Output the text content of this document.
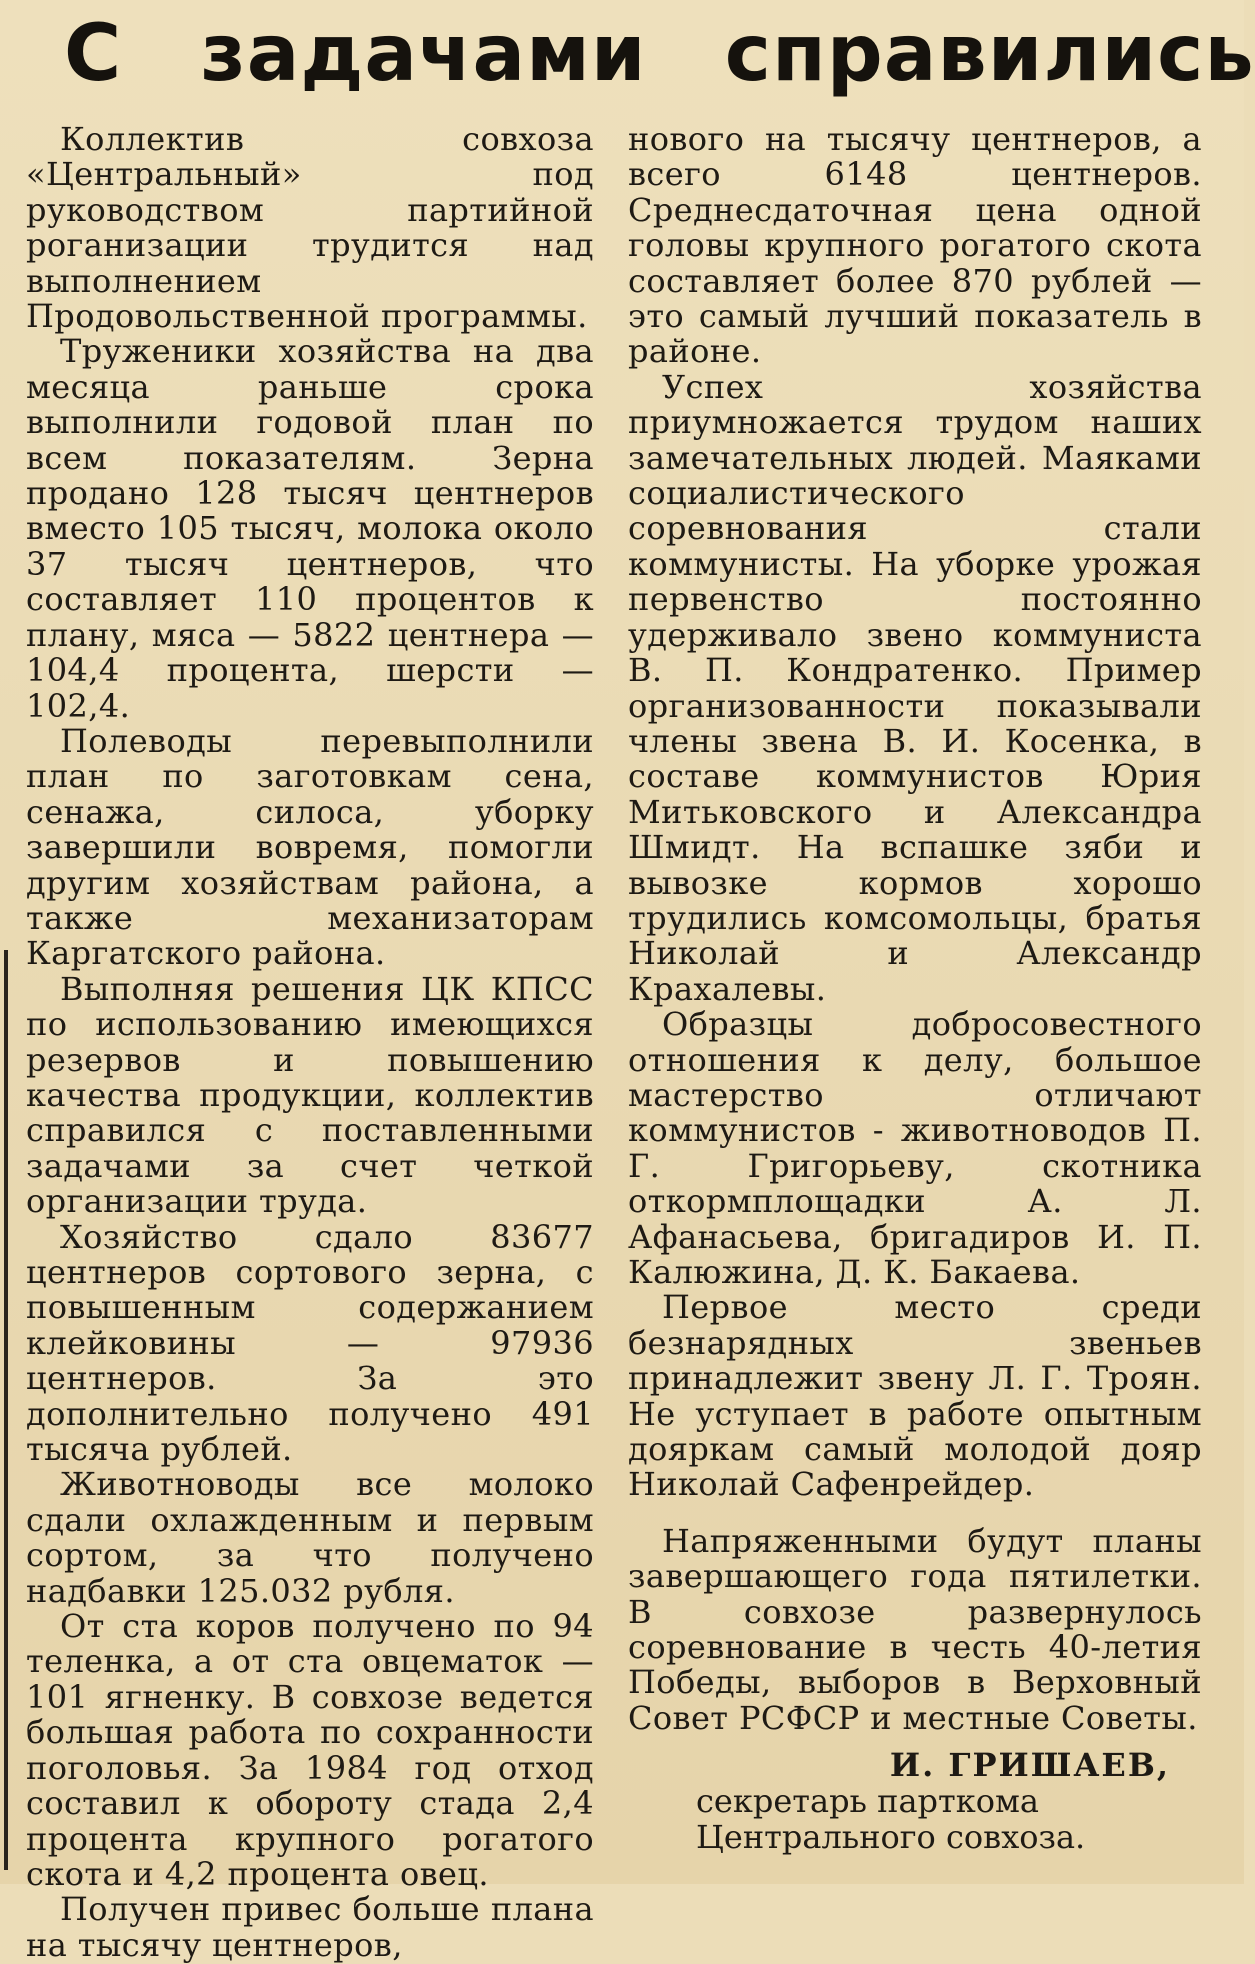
С задачами справились

Коллектив совхоза «Центральный» под руководством партийной рoганизации трудится над выполнением Продовольственной программы.

Труженики хозяйства на два месяца раньше срока выполнили годовой план по всем показателям. Зерна продано 128 тысяч центнеров вместо 105 тысяч, молока около 37 тысяч центнеров, что составляет 110 процентов к плану, мяса — 5822 центнера — 104,4 процента, шерсти — 102,4.

Полеводы перевыполнили план по заготовкам сена, сенажа, силоса, уборку завершили вовремя, помогли другим хозяйствам района, а также механизаторам Каргатского района.

Выполняя решения ЦК КПСС по использованию имеющихся резервов и повышению качества продукции, коллектив справился с поставленными задачами за счет четкой организации труда.

Хозяйство сдало 83677 центнеров сортового зерна, с повышенным содержанием клейковины — 97936 центнеров. За это дополнительно получено 491 тысяча рублей.

Животноводы все молоко сдали охлажденным и первым сортом, за что получено надбавки 125.032 рубля.

От ста коров получено по 94 теленка, а от ста овцематок — 101 ягненку. В совхозе ведется большая работа по сохранности поголовья. За 1984 год отход составил к обороту стада 2,4 процента крупного рогатого скота и 4,2 процента овец.

Получен привес больше плана на тысячу центнеров,

нового на тысячу центнеров, а всего 6148 центнеров. Среднесдаточная цена одной головы крупного рогатого скота составляет более 870 рублей — это самый лучший показатель в районе.

Успех хозяйства приумножается трудом наших замечательных людей. Маяками социалистического соревнования стали коммунисты. На уборке урожая первенство постоянно удерживало звено коммуниста В. П. Кондратенко. Пример организованности показывали члены звена В. И. Косенка, в составе коммунистов Юрия Митьковского и Александра Шмидт. На вспашке зяби и вывозке кормов хорошо трудились комсомольцы, братья Николай и Александр Крахалевы.

Образцы добросовестного отношения к делу, большое мастерство отличают коммунистов - животноводов П. Г. Григорьеву, скотника откормплощадки А. Л. Афанасьева, бригадиров И. П. Калюжина, Д. К. Бакаева.

Первое место среди безнарядных звеньев принадлежит звену Л. Г. Троян. Не уступает в работе опытным дояркам самый молодой дояр Николай Сафенрейдер.

Напряженными будут планы завершающего года пятилетки. В совхозе развернулось соревнование в честь 40-летия Победы, выборов в Верховный Совет РСФСР и местные Советы.

И. ГРИШАЕВ,
секретарь парткома Центрального совхоза.
